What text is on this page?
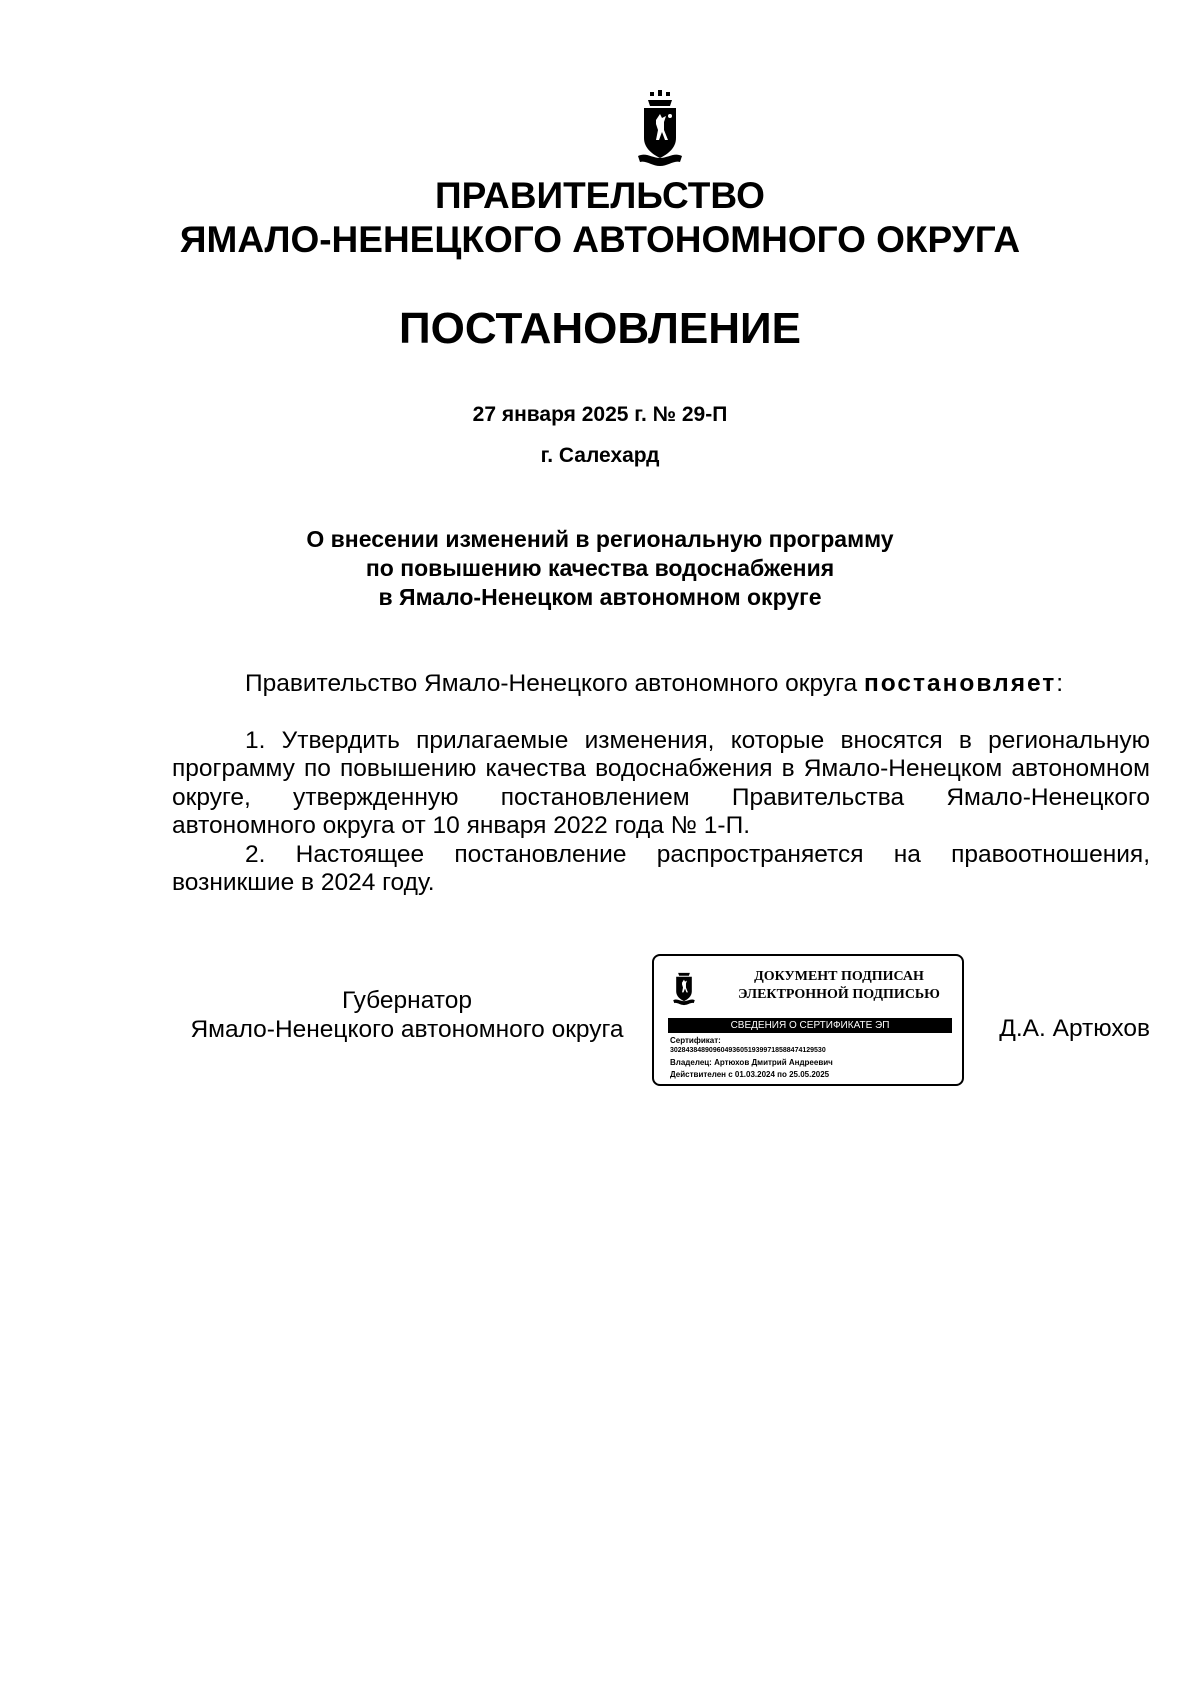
ПРАВИТЕЛЬСТВО
ЯМАЛО-НЕНЕЦКОГО АВТОНОМНОГО ОКРУГА
ПОСТАНОВЛЕНИЕ
27 января 2025 г. № 29-П
г. Салехард
О внесении изменений в региональную программу
по повышению качества водоснабжения
в Ямало-Ненецком автономном округе

Правительство Ямало-Ненецкого автономного округа постановляет:

1. Утвердить прилагаемые изменения, которые вносятся в региональную программу по повышению качества водоснабжения в Ямало-Ненецком автономном округе, утвержденную постановлением Правительства Ямало-Ненецкого автономного округа от 10 января 2022 года № 1-П.

2. Настоящее постановление распространяется на правоотношения, возникшие в 2024 году.

Губернатор
Ямало-Ненецкого автономного округа	Д.А. Артюхов
ДОКУМЕНТ ПОДПИСАН
ЭЛЕКТРОННОЙ ПОДПИСЬЮ
СВЕДЕНИЯ О СЕРТИФИКАТЕ ЭП
Сертификат:
3028438489096049360519399718588474129530
Владелец: Артюхов Дмитрий Андреевич
Действителен с 01.03.2024 по 25.05.2025
